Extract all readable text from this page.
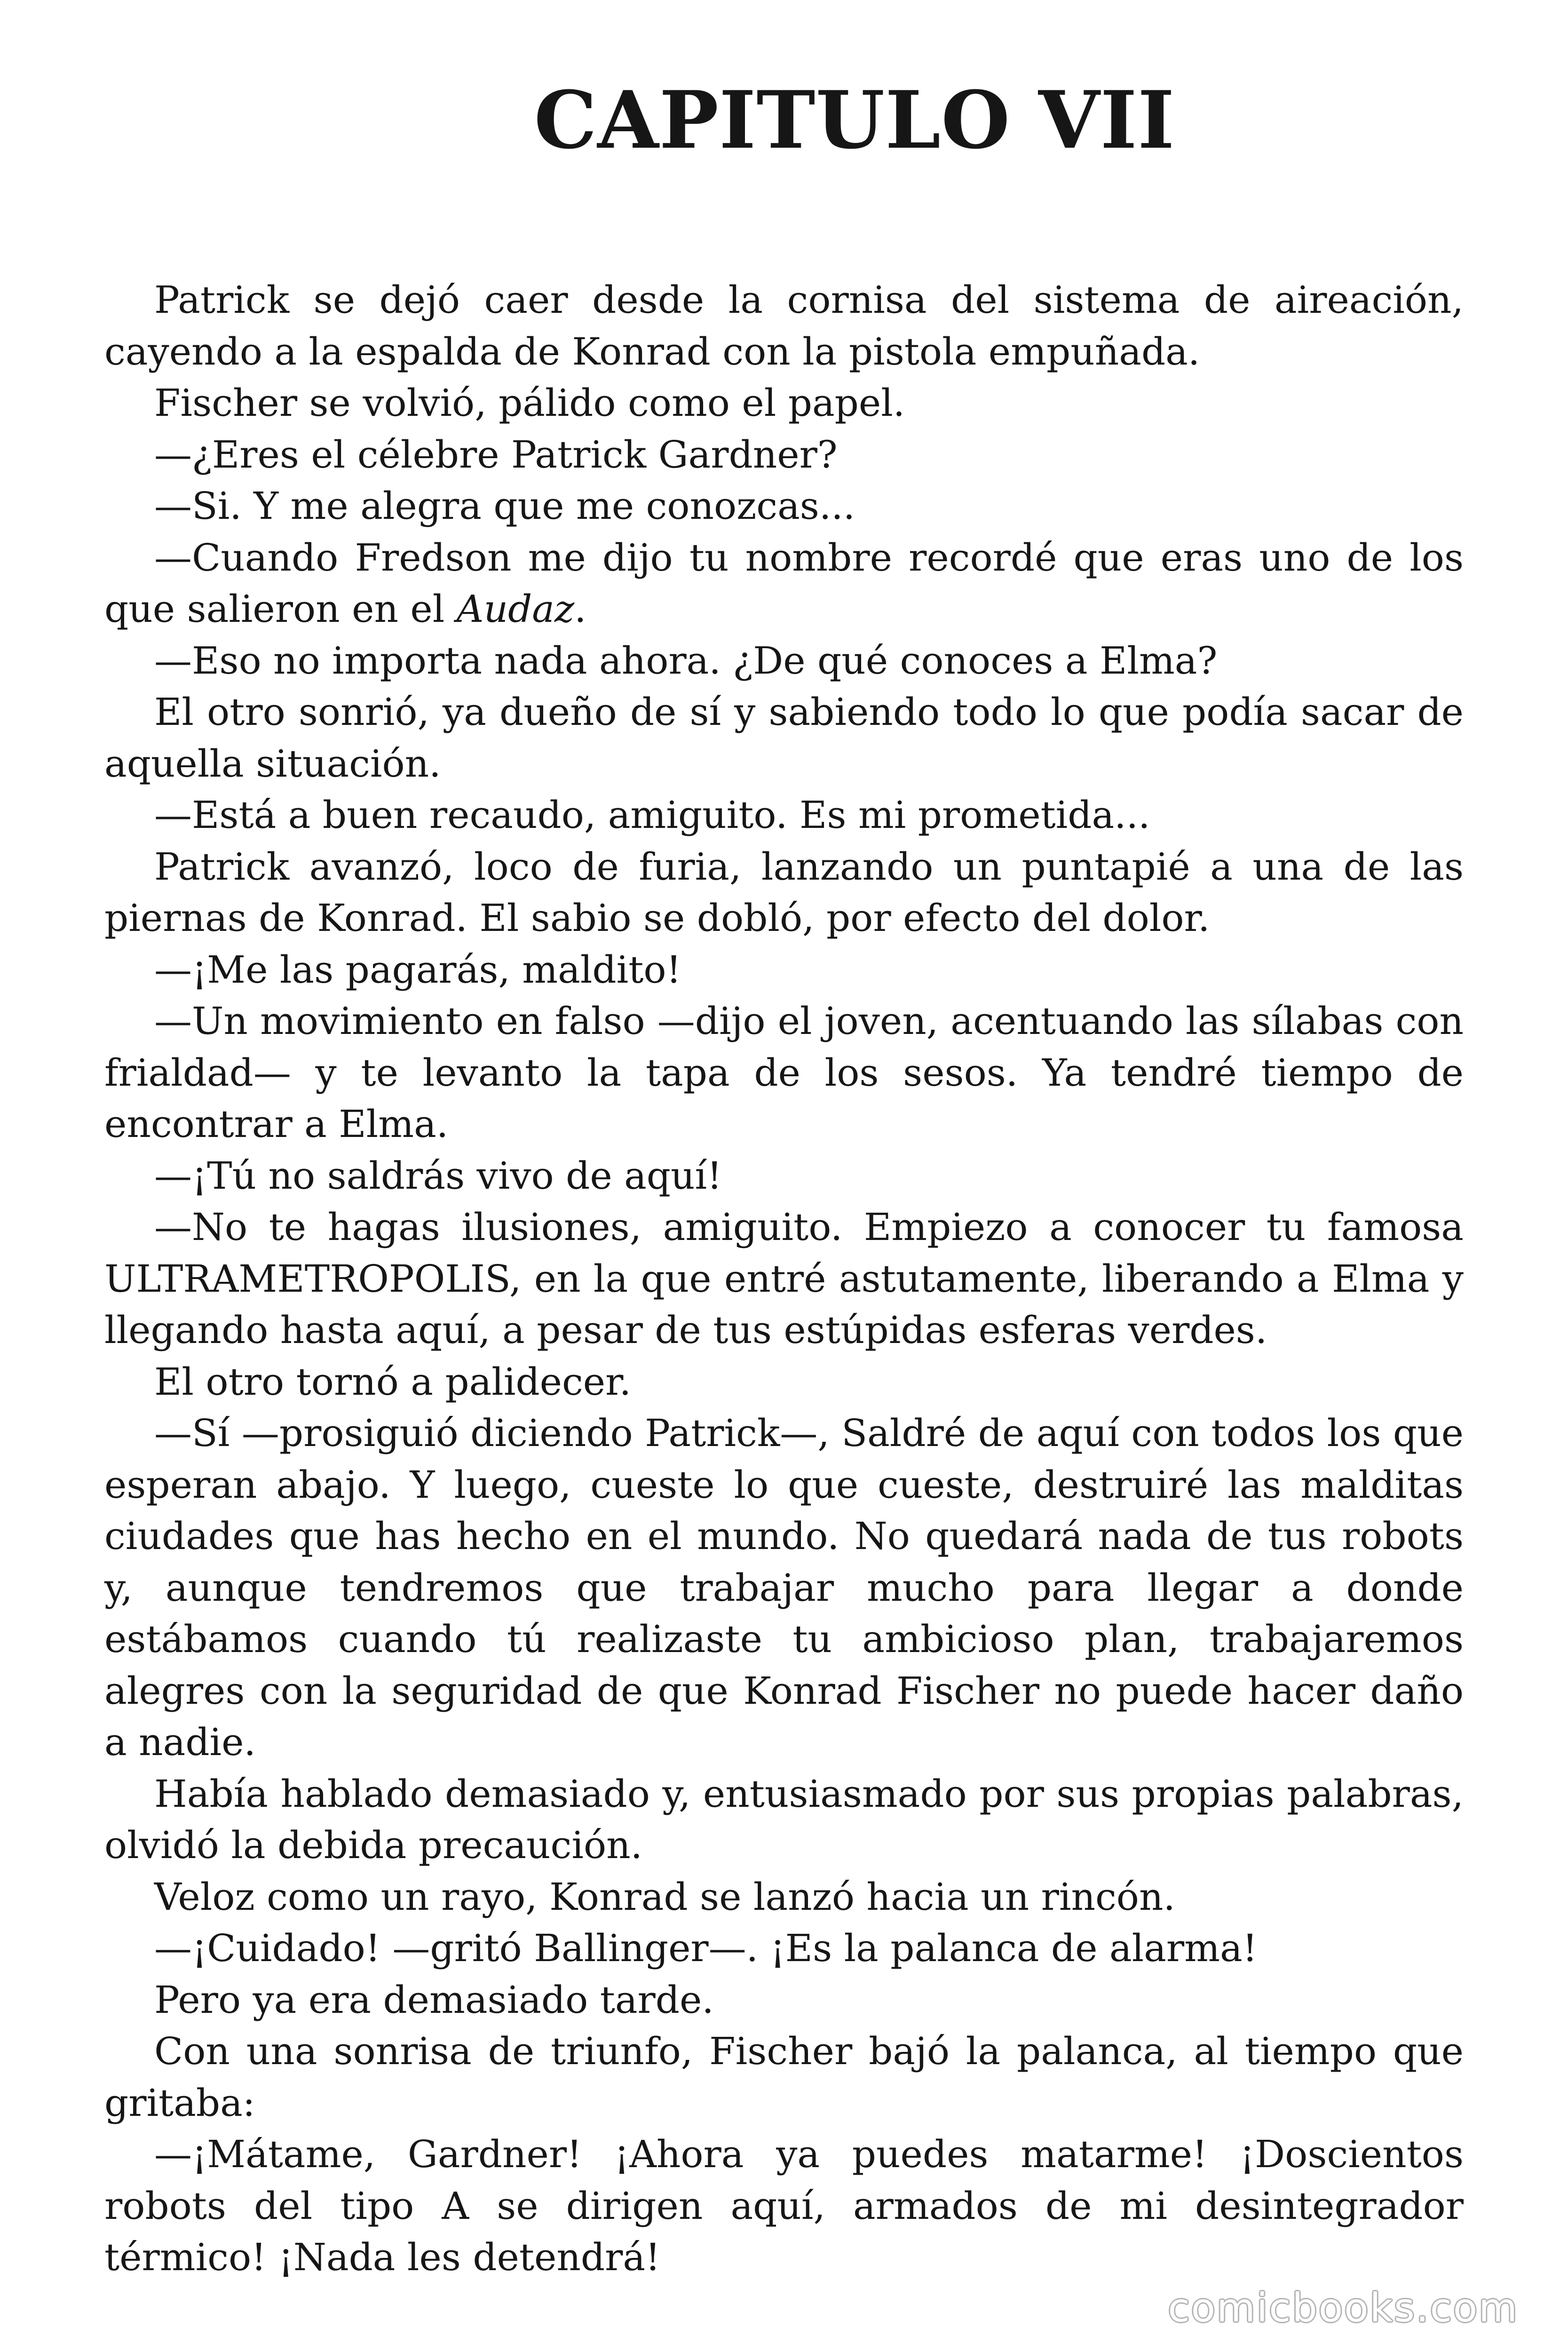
CAPITULO VII

Patrick se dejó caer desde la cornisa del sistema de aireación, cayendo a la espalda de Konrad con la pistola empuñada.

Fischer se volvió, pálido como el papel.

—¿Eres el célebre Patrick Gardner?

—Si. Y me alegra que me conozcas...

—Cuando Fredson me dijo tu nombre recordé que eras uno de los que salieron en el Audaz.

—Eso no importa nada ahora. ¿De qué conoces a Elma?

El otro sonrió, ya dueño de sí y sabiendo todo lo que podía sacar de aquella situación.

—Está a buen recaudo, amiguito. Es mi prometida...

Patrick avanzó, loco de furia, lanzando un puntapié a una de las piernas de Konrad. El sabio se dobló, por efecto del dolor.

—¡Me las pagarás, maldito!

—Un movimiento en falso —dijo el joven, acentuando las sílabas con frialdad— y te levanto la tapa de los sesos. Ya tendré tiempo de encontrar a Elma.

—¡Tú no saldrás vivo de aquí!

—No te hagas ilusiones, amiguito. Empiezo a conocer tu famosa ULTRAMETROPOLIS, en la que entré astutamente, liberando a Elma y llegando hasta aquí, a pesar de tus estúpidas esferas verdes.

El otro tornó a palidecer.

—Sí —prosiguió diciendo Patrick—, Saldré de aquí con todos los que esperan abajo. Y luego, cueste lo que cueste, destruiré las malditas ciudades que has hecho en el mundo. No quedará nada de tus robots y, aunque tendremos que trabajar mucho para llegar a donde estábamos cuando tú realizaste tu ambicioso plan, trabajaremos alegres con la seguridad de que Konrad Fischer no puede hacer daño a nadie.

Había hablado demasiado y, entusiasmado por sus propias palabras, olvidó la debida precaución.

Veloz como un rayo, Konrad se lanzó hacia un rincón.

—¡Cuidado! —gritó Ballinger—. ¡Es la palanca de alarma!

Pero ya era demasiado tarde.

Con una sonrisa de triunfo, Fischer bajó la palanca, al tiempo que gritaba:

—¡Mátame, Gardner! ¡Ahora ya puedes matarme! ¡Doscientos robots del tipo A se dirigen aquí, armados de mi desintegrador térmico! ¡Nada les detendrá!

comicbooks.com
